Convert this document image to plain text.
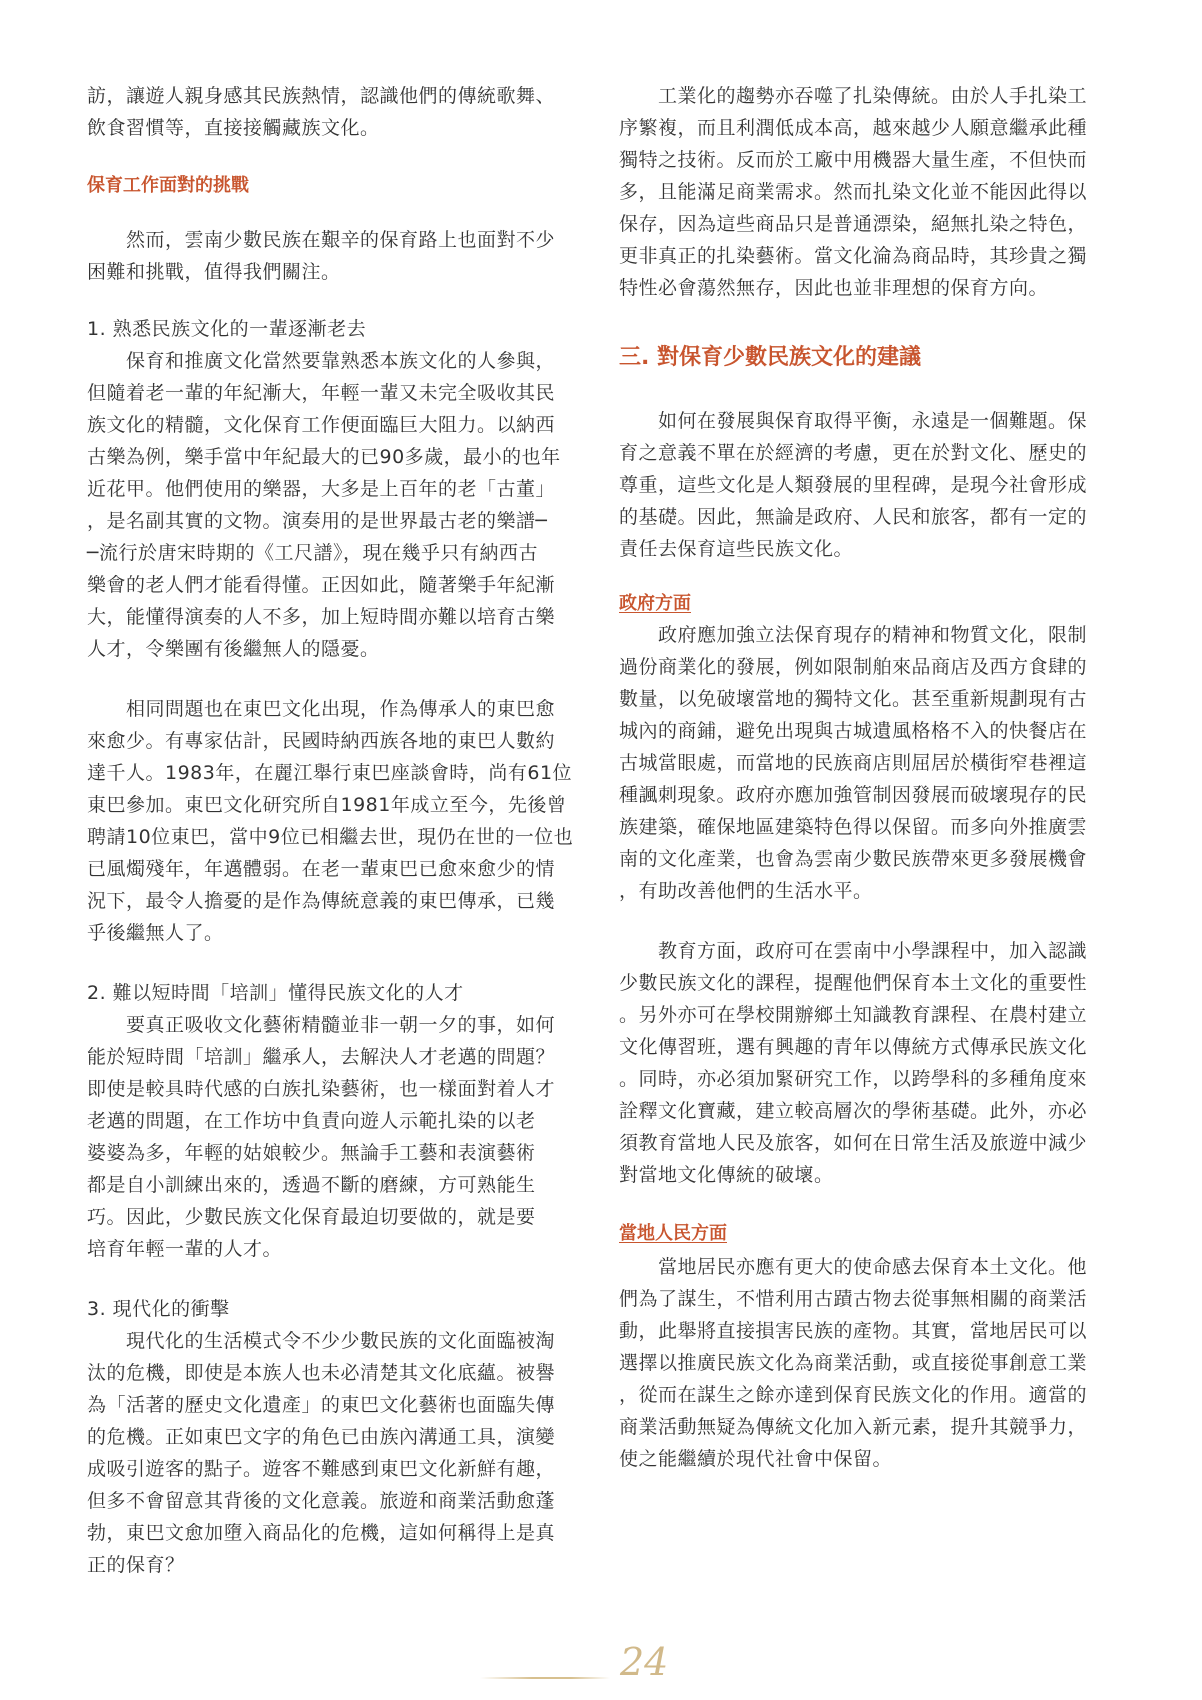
訪，讓遊人親身感其民族熱情，認識他們的傳統歌舞、
飲食習慣等，直接接觸藏族文化。
保育工作面對的挑戰
　　然而，雲南少數民族在艱辛的保育路上也面對不少
困難和挑戰，值得我們關注。
1. 熟悉民族文化的一輩逐漸老去
　　保育和推廣文化當然要靠熟悉本族文化的人參與，
但隨着老一輩的年紀漸大，年輕一輩又未完全吸收其民
族文化的精髓，文化保育工作便面臨巨大阻力。以納西
古樂為例，樂手當中年紀最大的已90多歲，最小的也年
近花甲。他們使用的樂器，大多是上百年的老「古董」
，是名副其實的文物。演奏用的是世界最古老的樂譜─
─流行於唐宋時期的《工尺譜》，現在幾乎只有納西古
樂會的老人們才能看得懂。正因如此，隨著樂手年紀漸
大，能懂得演奏的人不多，加上短時間亦難以培育古樂
人才，令樂團有後繼無人的隱憂。
　　相同問題也在東巴文化出現，作為傳承人的東巴愈
來愈少。有專家估計，民國時納西族各地的東巴人數約
達千人。1983年，在麗江舉行東巴座談會時，尚有61位
東巴參加。東巴文化研究所自1981年成立至今，先後曾
聘請10位東巴，當中9位已相繼去世，現仍在世的一位也
已風燭殘年，年邁體弱。在老一輩東巴已愈來愈少的情
況下，最令人擔憂的是作為傳統意義的東巴傳承，已幾
乎後繼無人了。
2. 難以短時間「培訓」懂得民族文化的人才
　　要真正吸收文化藝術精髓並非一朝一夕的事，如何
能於短時間「培訓」繼承人，去解決人才老邁的問題？
即使是較具時代感的白族扎染藝術，也一樣面對着人才
老邁的問題，在工作坊中負責向遊人示範扎染的以老
婆婆為多，年輕的姑娘較少。無論手工藝和表演藝術
都是自小訓練出來的，透過不斷的磨練，方可熟能生
巧。因此，少數民族文化保育最迫切要做的，就是要
培育年輕一輩的人才。
3. 現代化的衝擊
　　現代化的生活模式令不少少數民族的文化面臨被淘
汰的危機，即使是本族人也未必清楚其文化底蘊。被譽
為「活著的歷史文化遺產」的東巴文化藝術也面臨失傳
的危機。正如東巴文字的角色已由族內溝通工具，演變
成吸引遊客的點子。遊客不難感到東巴文化新鮮有趣，
但多不會留意其背後的文化意義。旅遊和商業活動愈蓬
勃，東巴文愈加墮入商品化的危機，這如何稱得上是真
正的保育？
　　工業化的趨勢亦吞噬了扎染傳統。由於人手扎染工
序繁複，而且利潤低成本高，越來越少人願意繼承此種
獨特之技術。反而於工廠中用機器大量生產，不但快而
多，且能滿足商業需求。然而扎染文化並不能因此得以
保存，因為這些商品只是普通漂染，絕無扎染之特色，
更非真正的扎染藝術。當文化淪為商品時，其珍貴之獨
特性必會蕩然無存，因此也並非理想的保育方向。
三. 對保育少數民族文化的建議
　　如何在發展與保育取得平衡，永遠是一個難題。保
育之意義不單在於經濟的考慮，更在於對文化、歷史的
尊重，這些文化是人類發展的里程碑，是現今社會形成
的基礎。因此，無論是政府、人民和旅客，都有一定的
責任去保育這些民族文化。
政府方面
　　政府應加強立法保育現存的精神和物質文化，限制
過份商業化的發展，例如限制舶來品商店及西方食肆的
數量，以免破壞當地的獨特文化。甚至重新規劃現有古
城內的商鋪，避免出現與古城遺風格格不入的快餐店在
古城當眼處，而當地的民族商店則屈居於橫街窄巷裡這
種諷刺現象。政府亦應加強管制因發展而破壞現存的民
族建築，確保地區建築特色得以保留。而多向外推廣雲
南的文化產業，也會為雲南少數民族帶來更多發展機會
，有助改善他們的生活水平。
　　教育方面，政府可在雲南中小學課程中，加入認識
少數民族文化的課程，提醒他們保育本土文化的重要性
。另外亦可在學校開辦鄉土知識教育課程、在農村建立
文化傳習班，選有興趣的青年以傳統方式傳承民族文化
。同時，亦必須加緊研究工作，以跨學科的多種角度來
詮釋文化寶藏，建立較高層次的學術基礎。此外，亦必
須教育當地人民及旅客，如何在日常生活及旅遊中減少
對當地文化傳統的破壞。
當地人民方面
　　當地居民亦應有更大的使命感去保育本土文化。他
們為了謀生，不惜利用古蹟古物去從事無相關的商業活
動，此舉將直接損害民族的產物。其實，當地居民可以
選擇以推廣民族文化為商業活動，或直接從事創意工業
，從而在謀生之餘亦達到保育民族文化的作用。適當的
商業活動無疑為傳統文化加入新元素，提升其競爭力，
使之能繼續於現代社會中保留。
24
